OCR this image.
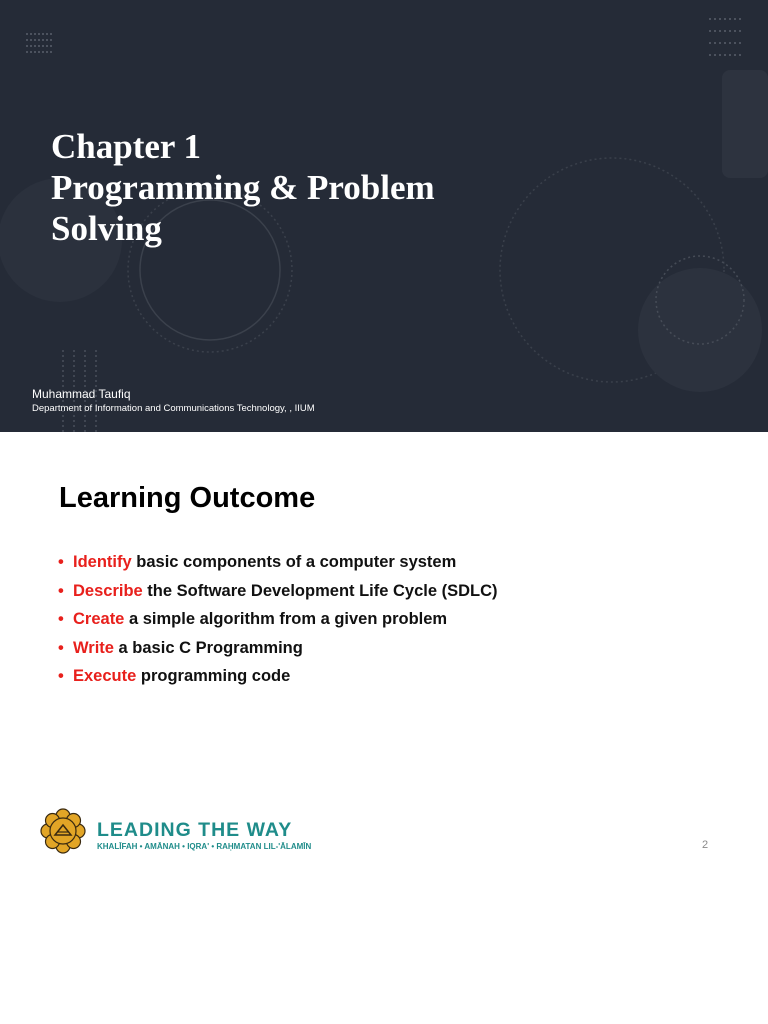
Chapter 1
Programming & Problem
Solving
Muhammad Taufiq
Department of Information and Communications Technology, , IIUM
Learning Outcome
• Identify basic components of a computer system
• Describe the Software Development Life Cycle (SDLC)
• Create a simple algorithm from a given problem
• Write a basic C Programming
• Execute programming code
LEADING THE WAY
KHALĪFAH • AMĀNAH • IQRA' • RAḤMATAN LIL-'ĀLAMĪN	2
